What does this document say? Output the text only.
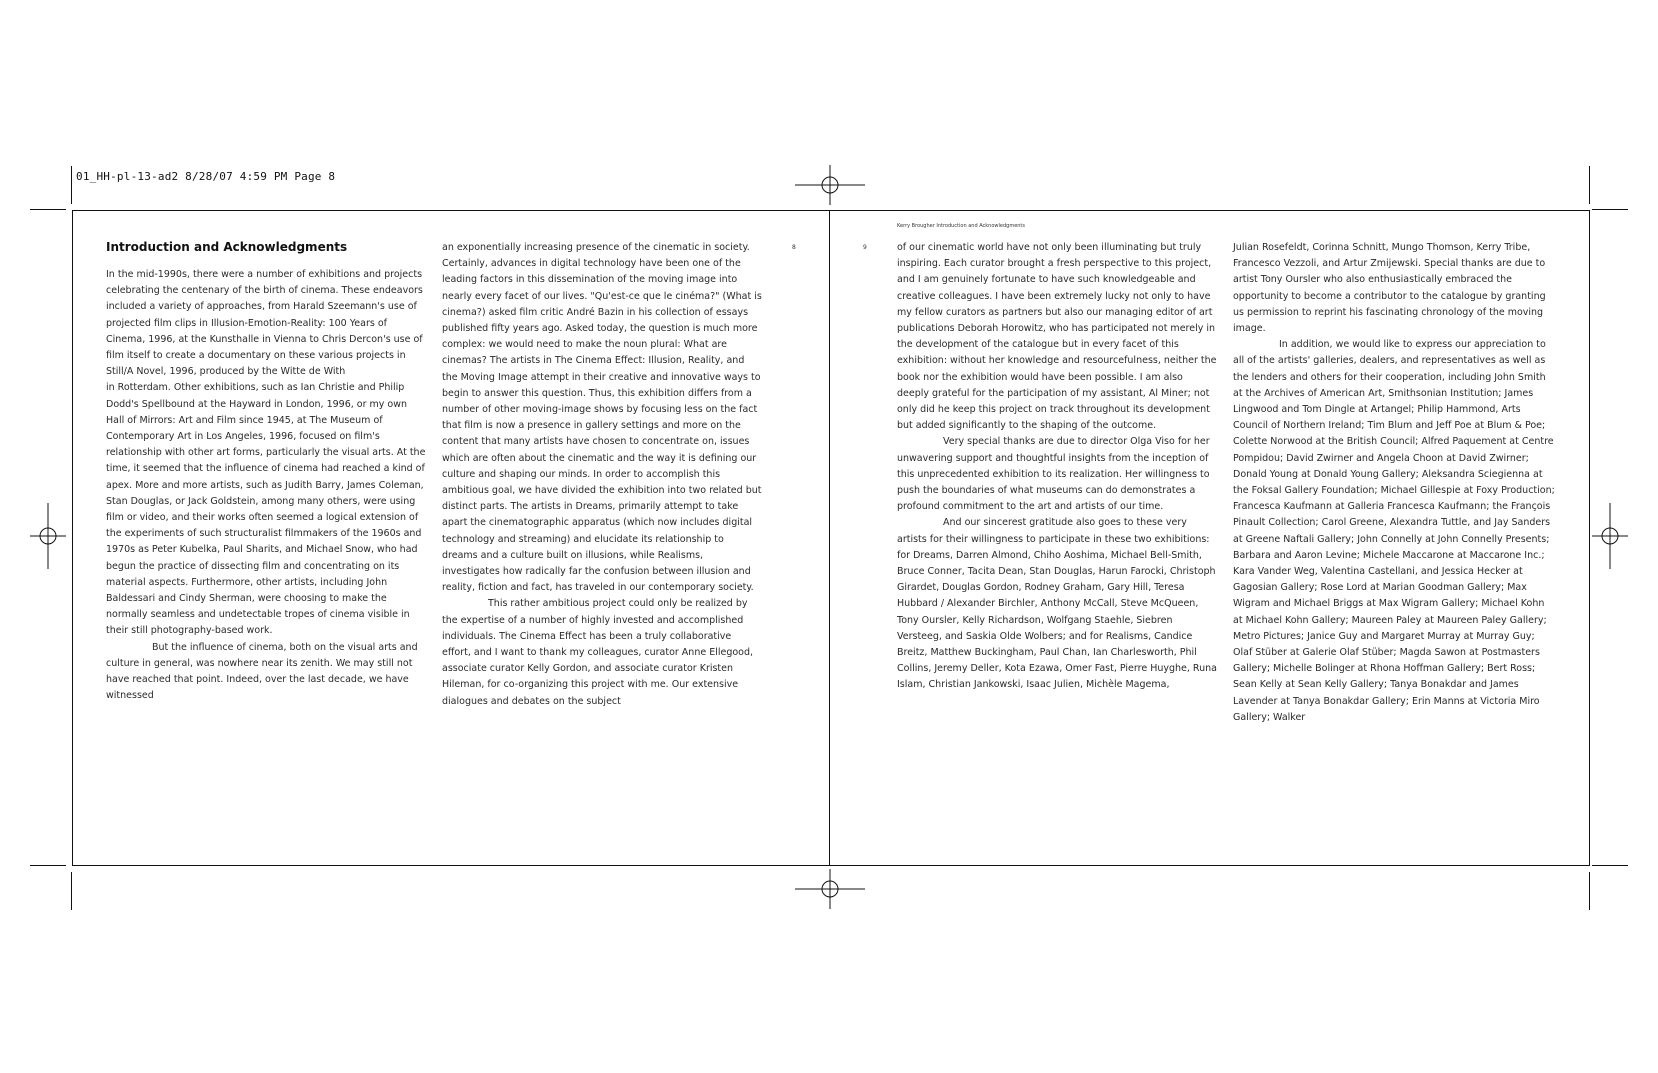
01_HH-pl-13-ad2 8/28/07 4:59 PM Page 8
Introduction and Acknowledgments	8

In the mid-1990s, there were a number of exhibitions and projects celebrating the centenary of the birth of cinema. These endeavors included a variety of approaches, from Harald Szeemann's use of projected film clips in Illusion-Emotion-Reality: 100 Years of Cinema, 1996, at the Kunsthalle in Vienna to Chris Dercon's use of film itself to create a documentary on these various projects in Still/A Novel, 1996, produced by the Witte de With

in Rotterdam. Other exhibitions, such as Ian Christie and Philip Dodd's Spellbound at the Hayward in London, 1996, or my own Hall of Mirrors: Art and Film since 1945, at The Museum of Contemporary Art in Los Angeles, 1996, focused on film's relationship with other art forms, particularly the visual arts. At the time, it seemed that the influence of cinema had reached a kind of apex. More and more artists, such as Judith Barry, James Coleman, Stan Douglas, or Jack Goldstein, among many others, were using film or video, and their works often seemed a logical extension of the experiments of such structuralist filmmakers of the 1960s and 1970s as Peter Kubelka, Paul Sharits, and Michael Snow, who had begun the practice of dissecting film and concentrating on its material aspects. Furthermore, other artists, including John Baldessari and Cindy Sherman, were choosing to make the normally seamless and undetectable tropes of cinema visible in their still photography-based work.

But the influence of cinema, both on the visual arts and culture in general, was nowhere near its zenith. We may still not have reached that point. Indeed, over the last decade, we have witnessed

an exponentially increasing presence of the cinematic in society. Certainly, advances in digital technology have been one of the leading factors in this dissemination of the moving image into nearly every facet of our lives. "Qu'est-ce que le cinéma?" (What is cinema?) asked film critic André Bazin in his collection of essays published fifty years ago. Asked today, the question is much more complex: we would need to make the noun plural: What are cinemas? The artists in The Cinema Effect: Illusion, Reality, and the Moving Image attempt in their creative and innovative ways to begin to answer this question. Thus, this exhibition differs from a number of other moving-image shows by focusing less on the fact that film is now a presence in gallery settings and more on the content that many artists have chosen to concentrate on, issues which are often about the cinematic and the way it is defining our culture and shaping our minds. In order to accomplish this ambitious goal, we have divided the exhibition into two related but distinct parts. The artists in Dreams, primarily attempt to take apart the cinematographic apparatus (which now includes digital technology and streaming) and elucidate its relationship to dreams and a culture built on illusions, while Realisms, investigates how radically far the confusion between illusion and reality, fiction and fact, has traveled in our contemporary society.

This rather ambitious project could only be realized by the expertise of a number of highly invested and accomplished individuals. The Cinema Effect has been a truly collaborative effort, and I want to thank my colleagues, curator Anne Ellegood, associate curator Kelly Gordon, and associate curator Kristen Hileman, for co-organizing this project with me. Our extensive dialogues and debates on the subject

Kerry Brougher Introduction and Acknowledgments
9	of our cinematic world have not only been illuminating but truly inspiring. Each curator brought a fresh perspective to this project, and I am genuinely fortunate to have such knowledgeable and creative colleagues. I have been extremely lucky not only to have my fellow curators as partners but also our managing editor of art publications Deborah Horowitz, who has participated not merely in the development of the catalogue but in every facet of this exhibition: without her knowledge and resourcefulness, neither the book nor the exhibition would have been possible. I am also deeply grateful for the participation of my assistant, Al Miner; not only did he keep this project on track throughout its development but added significantly to the shaping of the outcome.

Very special thanks are due to director Olga Viso for her unwavering support and thoughtful insights from the inception of this unprecedented exhibition to its realization. Her willingness to push the boundaries of what museums can do demonstrates a profound commitment to the art and artists of our time.

And our sincerest gratitude also goes to these very artists for their willingness to participate in these two exhibitions: for Dreams, Darren Almond, Chiho Aoshima, Michael Bell-Smith, Bruce Conner, Tacita Dean, Stan Douglas, Harun Farocki, Christoph Girardet, Douglas Gordon, Rodney Graham, Gary Hill, Teresa Hubbard / Alexander Birchler, Anthony McCall, Steve McQueen, Tony Oursler, Kelly Richardson, Wolfgang Staehle, Siebren Versteeg, and Saskia Olde Wolbers; and for Realisms, Candice Breitz, Matthew Buckingham, Paul Chan, Ian Charlesworth, Phil Collins, Jeremy Deller, Kota Ezawa, Omer Fast, Pierre Huyghe, Runa Islam, Christian Jankowski, Isaac Julien, Michèle Magema,

Julian Rosefeldt, Corinna Schnitt, Mungo Thomson, Kerry Tribe, Francesco Vezzoli, and Artur Zmijewski. Special thanks are due to artist Tony Oursler who also enthusiastically embraced the opportunity to become a contributor to the catalogue by granting us permission to reprint his fascinating chronology of the moving image.

In addition, we would like to express our appreciation to all of the artists' galleries, dealers, and representatives as well as the lenders and others for their cooperation, including John Smith at the Archives of American Art, Smithsonian Institution; James Lingwood and Tom Dingle at Artangel; Philip Hammond, Arts Council of Northern Ireland; Tim Blum and Jeff Poe at Blum & Poe; Colette Norwood at the British Council; Alfred Paquement at Centre Pompidou; David Zwirner and Angela Choon at David Zwirner; Donald Young at Donald Young Gallery; Aleksandra Sciegienna at the Foksal Gallery Foundation; Michael Gillespie at Foxy Production; Francesca Kaufmann at Galleria Francesca Kaufmann; the François Pinault Collection; Carol Greene, Alexandra Tuttle, and Jay Sanders at Greene Naftali Gallery; John Connelly at John Connelly Presents; Barbara and Aaron Levine; Michele Maccarone at Maccarone Inc.; Kara Vander Weg, Valentina Castellani, and Jessica Hecker at Gagosian Gallery; Rose Lord at Marian Goodman Gallery; Max Wigram and Michael Briggs at Max Wigram Gallery; Michael Kohn at Michael Kohn Gallery; Maureen Paley at Maureen Paley Gallery; Metro Pictures; Janice Guy and Margaret Murray at Murray Guy; Olaf Stüber at Galerie Olaf Stüber; Magda Sawon at Postmasters Gallery; Michelle Bolinger at Rhona Hoffman Gallery; Bert Ross; Sean Kelly at Sean Kelly Gallery; Tanya Bonakdar and James Lavender at Tanya Bonakdar Gallery; Erin Manns at Victoria Miro Gallery; Walker
